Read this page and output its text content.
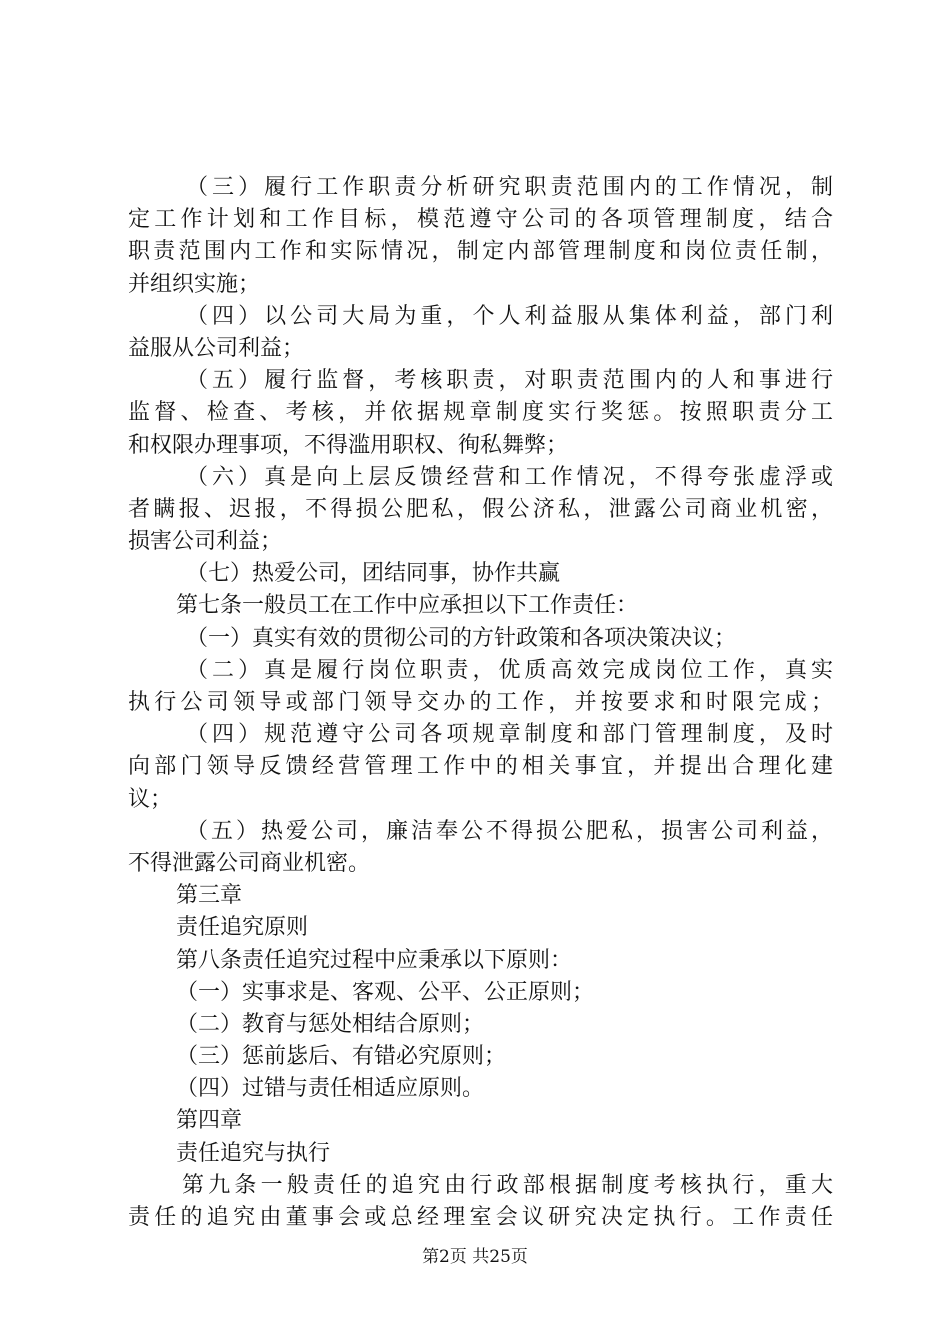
（三）履行工作职责分析研究职责范围内的工作情况，制
定工作计划和工作目标，模范遵守公司的各项管理制度，结合
职责范围内工作和实际情况，制定内部管理制度和岗位责任制，
并组织实施；
（四）以公司大局为重，个人利益服从集体利益，部门利
益服从公司利益；
（五）履行监督，考核职责，对职责范围内的人和事进行
监督、检查、考核，并依据规章制度实行奖惩。按照职责分工
和权限办理事项，不得滥用职权、徇私舞弊；
（六）真是向上层反馈经营和工作情况，不得夸张虚浮或
者瞒报、迟报，不得损公肥私，假公济私，泄露公司商业机密，
损害公司利益；
（七）热爱公司，团结同事，协作共赢
第七条一般员工在工作中应承担以下工作责任：
（一）真实有效的贯彻公司的方针政策和各项决策决议；
（二）真是履行岗位职责，优质高效完成岗位工作，真实
执行公司领导或部门领导交办的工作，并按要求和时限完成；
（四）规范遵守公司各项规章制度和部门管理制度，及时
向部门领导反馈经营管理工作中的相关事宜，并提出合理化建
议；
（五）热爱公司，廉洁奉公不得损公肥私，损害公司利益，
不得泄露公司商业机密。
第三章
责任追究原则
第八条责任追究过程中应秉承以下原则：
（一）实事求是、客观、公平、公正原则；
（二）教育与惩处相结合原则；
（三）惩前毖后、有错必究原则；
（四）过错与责任相适应原则。
第四章
责任追究与执行
第九条一般责任的追究由行政部根据制度考核执行，重大
责任的追究由董事会或总经理室会议研究决定执行。工作责任
第2页 共25页
